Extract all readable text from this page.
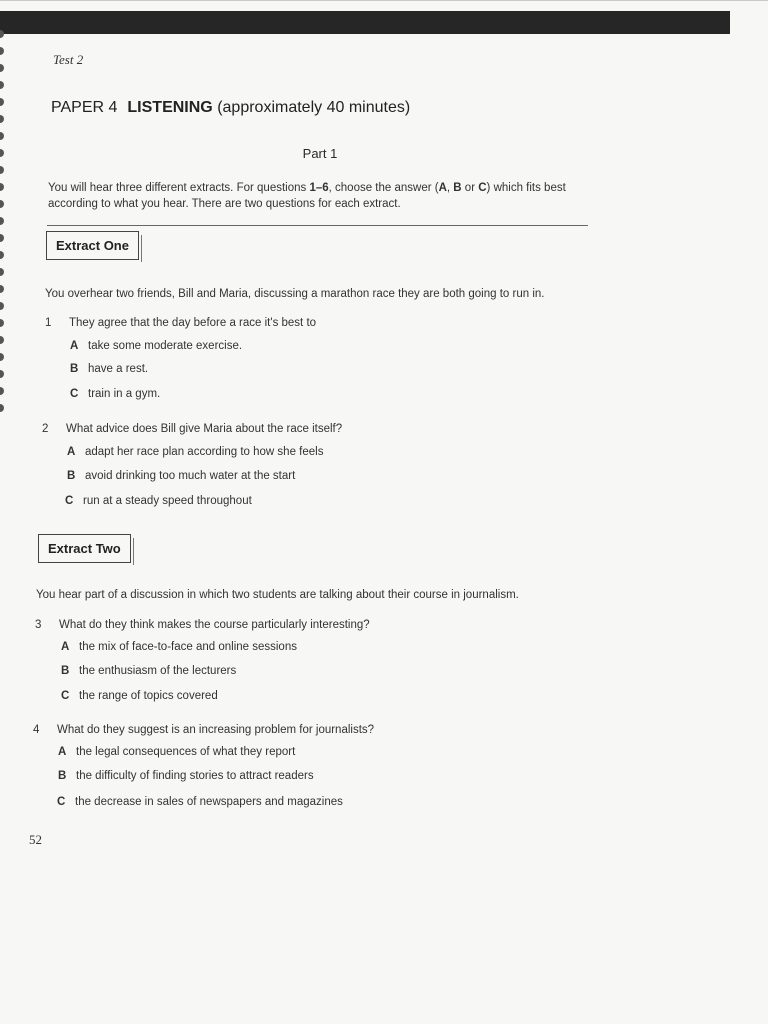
Test 2
PAPER 4 LISTENING (approximately 40 minutes)
Part 1
You will hear three different extracts. For questions 1–6, choose the answer (A, B or C) which fits best according to what you hear. There are two questions for each extract.
Extract One
You overhear two friends, Bill and Maria, discussing a marathon race they are both going to run in.
1 They agree that the day before a race it's best to
A take some moderate exercise.
B have a rest.
C train in a gym.
2 What advice does Bill give Maria about the race itself?
A adapt her race plan according to how she feels
B avoid drinking too much water at the start
C run at a steady speed throughout
Extract Two
You hear part of a discussion in which two students are talking about their course in journalism.
3 What do they think makes the course particularly interesting?
A the mix of face-to-face and online sessions
B the enthusiasm of the lecturers
C the range of topics covered
4 What do they suggest is an increasing problem for journalists?
A the legal consequences of what they report
B the difficulty of finding stories to attract readers
C the decrease in sales of newspapers and magazines
52
